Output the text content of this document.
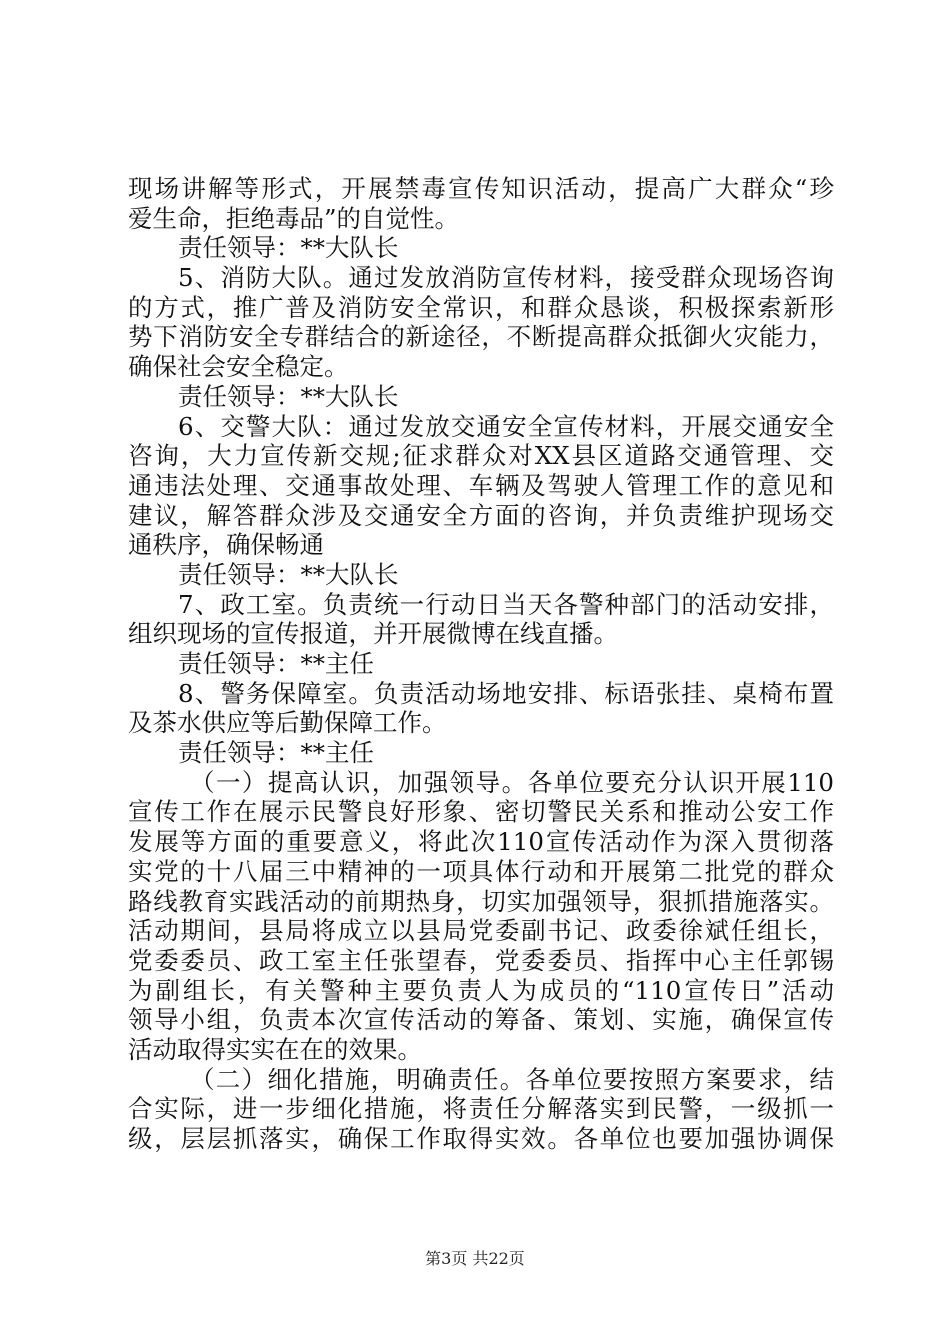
现场讲解等形式，开展禁毒宣传知识活动，提高广大群众“珍
爱生命，拒绝毒品”的自觉性。
责任领导：**大队长
5、消防大队。通过发放消防宣传材料，接受群众现场咨询
的方式，推广普及消防安全常识，和群众恳谈，积极探索新形
势下消防安全专群结合的新途径，不断提高群众抵御火灾能力，
确保社会安全稳定。
责任领导：**大队长
6、交警大队：通过发放交通安全宣传材料，开展交通安全
咨询，大力宣传新交规;征求群众对XX县区道路交通管理、交
通违法处理、交通事故处理、车辆及驾驶人管理工作的意见和
建议，解答群众涉及交通安全方面的咨询，并负责维护现场交
通秩序，确保畅通
责任领导：**大队长
7、政工室。负责统一行动日当天各警种部门的活动安排，
组织现场的宣传报道，并开展微博在线直播。
责任领导：**主任
8、警务保障室。负责活动场地安排、标语张挂、桌椅布置
及茶水供应等后勤保障工作。
责任领导：**主任
（一）提高认识，加强领导。各单位要充分认识开展110
宣传工作在展示民警良好形象、密切警民关系和推动公安工作
发展等方面的重要意义，将此次110宣传活动作为深入贯彻落
实党的十八届三中精神的一项具体行动和开展第二批党的群众
路线教育实践活动的前期热身，切实加强领导，狠抓措施落实。
活动期间，县局将成立以县局党委副书记、政委徐斌任组长，
党委委员、政工室主任张望春，党委委员、指挥中心主任郭锡
为副组长，有关警种主要负责人为成员的“110宣传日”活动
领导小组，负责本次宣传活动的筹备、策划、实施，确保宣传
活动取得实实在在的效果。
（二）细化措施，明确责任。各单位要按照方案要求，结
合实际，进一步细化措施，将责任分解落实到民警，一级抓一
级，层层抓落实，确保工作取得实效。各单位也要加强协调保
第3页 共22页
